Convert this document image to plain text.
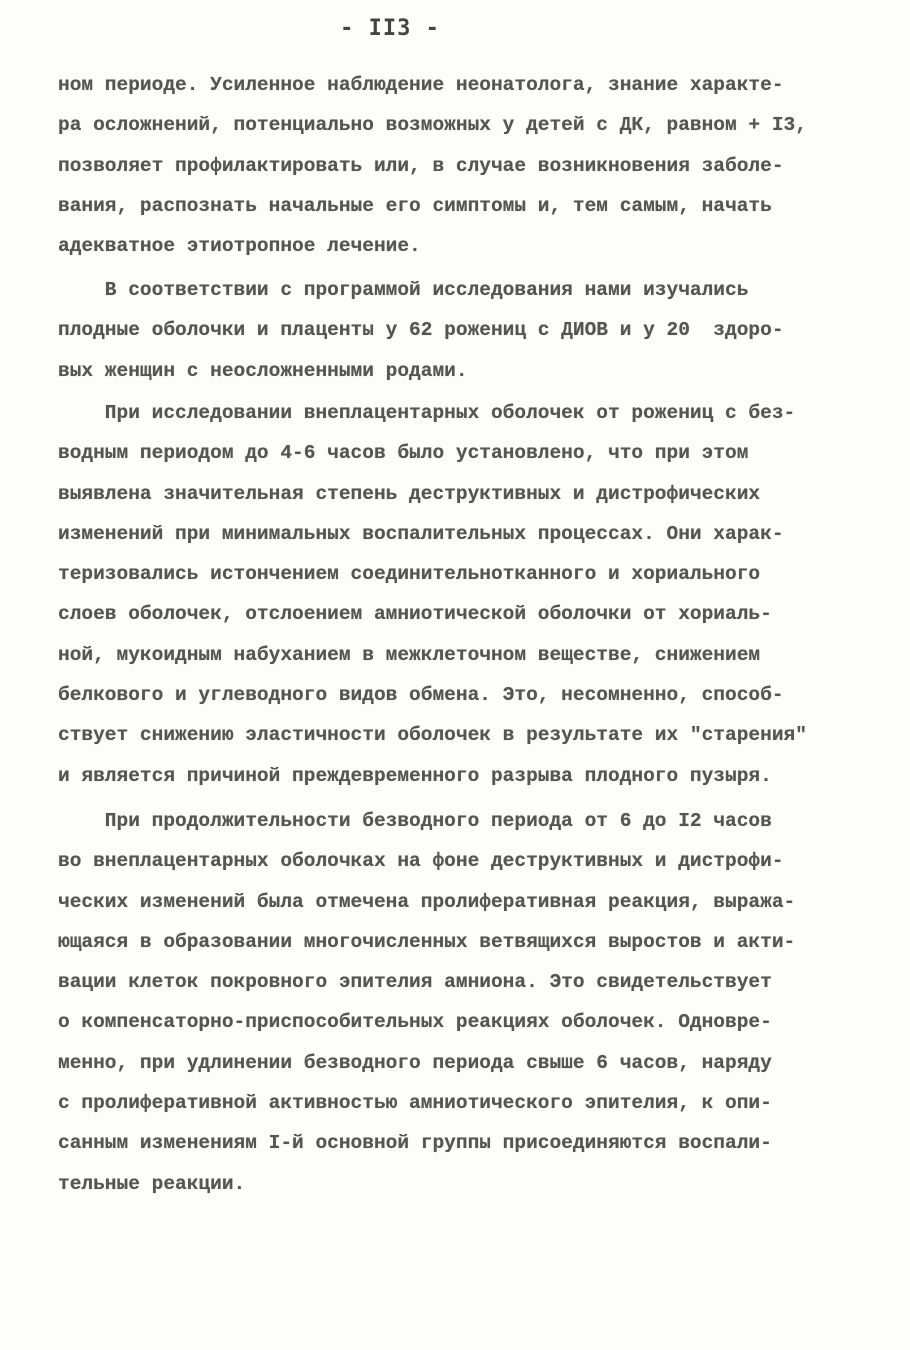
- II3 -
ном периоде. Усиленное наблюдение неонатолога, знание характе-
ра осложнений, потенциально возможных у детей с ДК, равном + I3,
позволяет профилактировать или, в случае возникновения заболе-
вания, распознать начальные его симптомы и, тем самым, начать
адекватное этиотропное лечение.
В соответствии с программой исследования нами изучались
плодные оболочки и плаценты у 62 рожениц с ДИОВ и у 20  здоро-
вых женщин с неосложненными родами.
При исследовании внеплацентарных оболочек от рожениц с без-
водным периодом до 4-6 часов было установлено, что при этом
выявлена значительная степень деструктивных и дистрофических
изменений при минимальных воспалительных процессах. Они харак-
теризовались истончением соединительнотканного и хориального
слоев оболочек, отслоением амниотической оболочки от хориаль-
ной, мукоидным набуханием в межклеточном веществе, снижением
белкового и углеводного видов обмена. Это, несомненно, способ-
ствует снижению эластичности оболочек в результате их "старения"
и является причиной преждевременного разрыва плодного пузыря.
При продолжительности безводного периода от 6 до I2 часов
во внеплацентарных оболочках на фоне деструктивных и дистрофи-
ческих изменений была отмечена пролиферативная реакция, выража-
ющаяся в образовании многочисленных ветвящихся выростов и акти-
вации клеток покровного эпителия амниона. Это свидетельствует
о компенсаторно-приспособительных реакциях оболочек. Одновре-
менно, при удлинении безводного периода свыше 6 часов, наряду
с пролиферативной активностью амниотического эпителия, к опи-
санным изменениям I-й основной группы присоединяются воспали-
тельные реакции.
